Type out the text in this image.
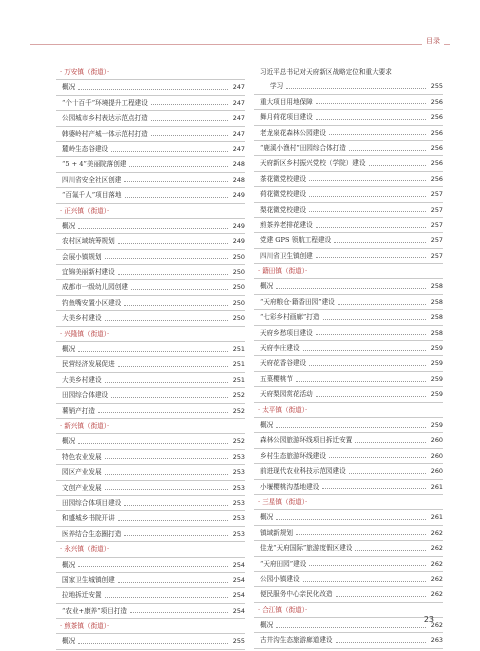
目录
· 万安镇（街道）·
概况	247
“个十百千”环境提升工程建设	247
公园城市乡村表达示范点打造	247
韩婆岭村产城一体示范村打造	247
麓岭生态谷建设	247
“5 + 4”美丽院落创建	248
四川省安全社区创建	248
“百氟千人”项目落地	249
· 正兴镇（街道）·
概况	249
农村区域统筹规划	249
会展小镇规划	250
宜锦美丽新村建设	250
成都市一级幼儿园创建	250
钓鱼嘴安置小区建设	250
大美乡村建设	250
· 兴隆镇（街道）·
概况	251
民营经济发展促进	251
大美乡村建设	251
田园综合体建设	252
薯销产打造	252
· 新兴镇（街道）·
概况	252
特色农业发展	253
园区产业发展	253
文创产业发展	253
田园综合体项目建设	253
和盛城乡书院开讲	253
医养结合生态圈打造	253
· 永兴镇（街道）·
概况	254
国家卫生城镇创建	254
拉地拆迁安置	254
“农业+康养”项目打造	254
· 煎茶镇（街道）·
概况	255
习近平总书记对天府新区战略定位和重大要求
学习	255
重大项目用地保障	256
舞月荷花项目建设	256
老龙泉花森林公园建设	256
“鹿溪小渔村”田园综合体打造	256
天府新区乡村振兴党校（学院）建设	256
茶花微党校建设	256
荷花微党校建设	257
梨花微党校建设	257
煎茶养老排花建设	257
党建 GPS 领航工程建设	257
四川省卫生镇创建	257
· 籍田镇（街道）·
概况	258
“天府粮仓·籍香田园”建设	258
“七彩乡村画廊”打造	258
天府乡愁项目建设	258
天府李庄建设	259
天府花香谷建设	259
五菓樱桃节	259
天府梨园赏花活动	259
· 太平镇（街道）·
概况	259
森林公园旅游环线项目拆迁安置	260
乡村生态旅游环线建设	260
前进现代农业科技示范园建设	260
小堰樱桃沟基地建设	261
· 三星镇（街道）·
概况	261
镇域新规划	262
佳龙“天府国际”旅游度假区建设	262
“天府田园”建设	262
公园小镇建设	262
便民服务中心亲民化改造	262
· 合江镇（街道）·
概况	262
古井沟生态旅游廊道建设	263
23
